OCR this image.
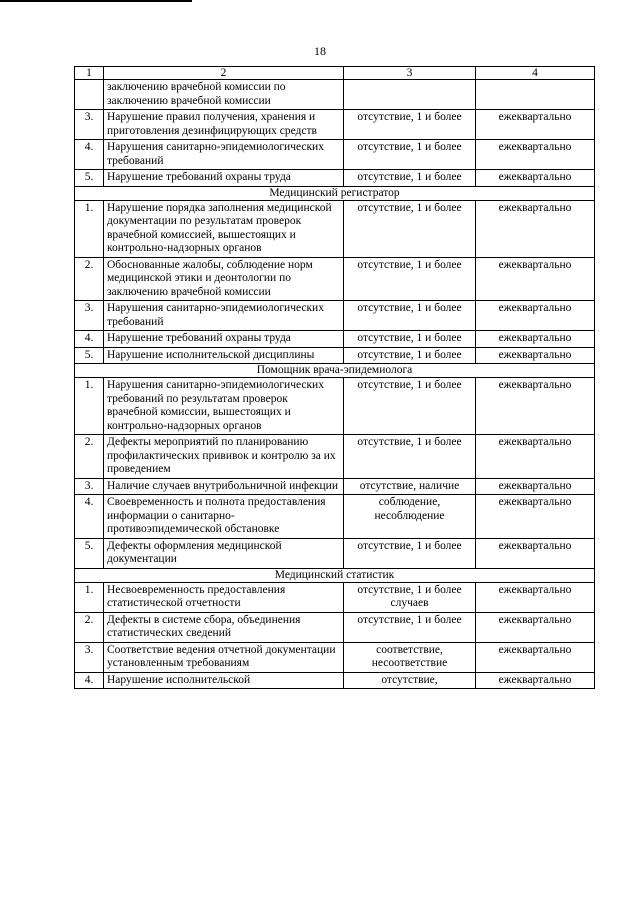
18
1	2	3	4
	заключению врачебной комиссии по заключению врачебной комиссии		
3.	Нарушение правил получения, хранения и приготовления дезинфицирующих средств	отсутствие, 1 и более	ежеквартально
4.	Нарушения санитарно-эпидемиологических требований	отсутствие, 1 и более	ежеквартально
5.	Нарушение требований охраны труда	отсутствие, 1 и более	ежеквартально
Медицинский регистратор			
1.	Нарушение порядка заполнения медицинской документации по результатам проверок врачебной комиссией, вышестоящих и контрольно-надзорных органов	отсутствие, 1 и более	ежеквартально
2.	Обоснованные жалобы, соблюдение норм медицинской этики и деонтологии по заключению врачебной комиссии	отсутствие, 1 и более	ежеквартально
3.	Нарушения санитарно-эпидемиологических требований	отсутствие, 1 и более	ежеквартально
4.	Нарушение требований охраны труда	отсутствие, 1 и более	ежеквартально
5.	Нарушение исполнительской дисциплины	отсутствие, 1 и более	ежеквартально
Помощник врача-эпидемиолога			
1.	Нарушения санитарно-эпидемиологических требований по результатам проверок врачебной комиссии, вышестоящих и контрольно-надзорных органов	отсутствие, 1 и более	ежеквартально
2.	Дефекты мероприятий по планированию профилактических прививок и контролю за их проведением	отсутствие, 1 и более	ежеквартально
3.	Наличие случаев внутрибольничной инфекции	отсутствие, наличие	ежеквартально
4.	Своевременность и полнота предоставления информации о санитарно-противоэпидемической обстановке	соблюдение, несоблюдение	ежеквартально
5.	Дефекты оформления медицинской документации	отсутствие, 1 и более	ежеквартально
Медицинский статистик			
1.	Несвоевременность предоставления статистической отчетности	отсутствие, 1 и более случаев	ежеквартально
2.	Дефекты в системе сбора, объединения статистических сведений	отсутствие, 1 и более	ежеквартально
3.	Соответствие ведения отчетной документации установленным требованиям	соответствие, несоответствие	ежеквартально
4.	Нарушение исполнительской	отсутствие,	ежеквартально
